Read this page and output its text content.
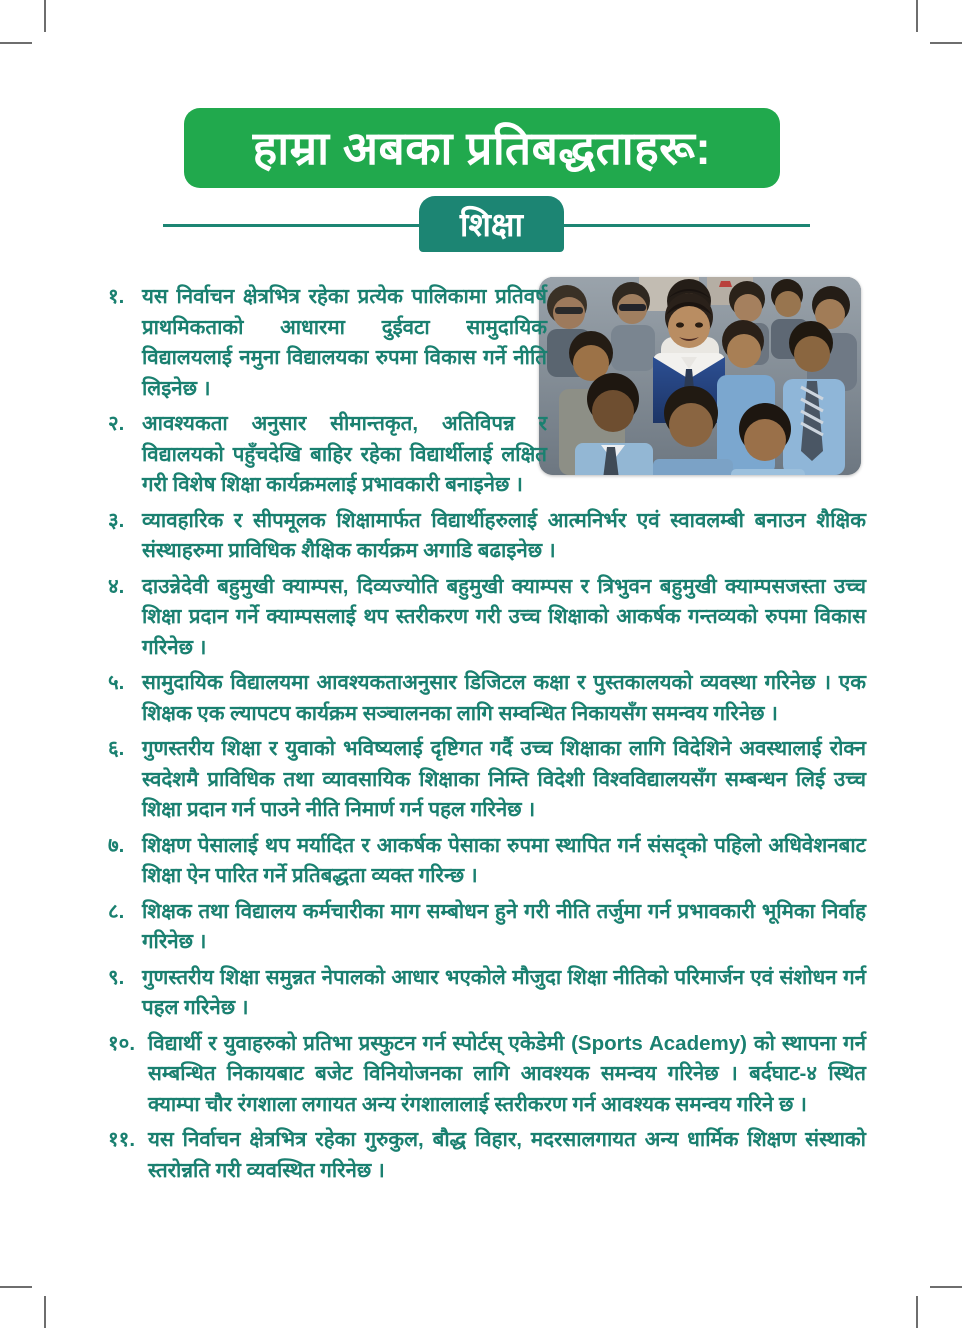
हाम्रा अबका प्रतिबद्धताहरू:
शिक्षा
१. यस निर्वाचन क्षेत्रभित्र रहेका प्रत्येक पालिकामा प्रतिवर्ष प्राथमिकताको आधारमा दुईवटा सामुदायिक विद्यालयलाई नमुना विद्यालयका रुपमा विकास गर्ने नीति लिइनेछ ।
२. आवश्यकता अनुसार सीमान्तकृत, अतिविपन्न र विद्यालयको पहुँचदेखि बाहिर रहेका विद्यार्थीलाई लक्षित गरी विशेष शिक्षा कार्यक्रमलाई प्रभावकारी बनाइनेछ ।
३. व्यावहारिक र सीपमूलक शिक्षामार्फत विद्यार्थीहरुलाई आत्मनिर्भर एवं स्वावलम्बी बनाउन शैक्षिक संस्थाहरुमा प्राविधिक शैक्षिक कार्यक्रम अगाडि बढाइनेछ ।
४. दाउन्नेदेवी बहुमुखी क्याम्पस, दिव्यज्योति बहुमुखी क्याम्पस र त्रिभुवन बहुमुखी क्याम्पसजस्ता उच्च शिक्षा प्रदान गर्ने क्याम्पसलाई थप स्तरीकरण गरी उच्च शिक्षाको आकर्षक गन्तव्यको रुपमा विकास गरिनेछ ।
५. सामुदायिक विद्यालयमा आवश्यकताअनुसार डिजिटल कक्षा र पुस्तकालयको व्यवस्था गरिनेछ । एक शिक्षक एक ल्यापटप कार्यक्रम सञ्चालनका लागि सम्वन्धित निकायसँग समन्वय गरिनेछ ।
६. गुणस्तरीय शिक्षा र युवाको भविष्यलाई दृष्टिगत गर्दै उच्च शिक्षाका लागि विदेशिने अवस्थालाई रोक्न स्वदेशमै प्राविधिक तथा व्यावसायिक शिक्षाका निम्ति विदेशी विश्वविद्यालयसँग सम्बन्धन लिई उच्च शिक्षा प्रदान गर्न पाउने नीति निमार्ण गर्न पहल गरिनेछ ।
७. शिक्षण पेसालाई थप मर्यादित र आकर्षक पेसाका रुपमा स्थापित गर्न संसद्को पहिलो अधिवेशनबाट शिक्षा ऐन पारित गर्ने प्रतिबद्धता व्यक्त गरिन्छ ।
८. शिक्षक तथा विद्यालय कर्मचारीका माग सम्बोधन हुने गरी नीति तर्जुमा गर्न प्रभावकारी भूमिका निर्वाह गरिनेछ ।
९. गुणस्तरीय शिक्षा समुन्नत नेपालको आधार भएकोले मौजुदा शिक्षा नीतिको परिमार्जन एवं संशोधन गर्न पहल गरिनेछ ।
१०. विद्यार्थी र युवाहरुको प्रतिभा प्रस्फुटन गर्न स्पोर्टस् एकेडेमी (Sports Academy) को स्थापना गर्न सम्बन्धित निकायबाट बजेट विनियोजनका लागि आवश्यक समन्वय गरिनेछ । बर्दघाट-४ स्थित क्याम्पा चौर रंगशाला लगायत अन्य रंगशालालाई स्तरीकरण गर्न आवश्यक समन्वय गरिने छ ।
११. यस निर्वाचन क्षेत्रभित्र रहेका गुरुकुल, बौद्ध विहार, मदरसालगायत अन्य धार्मिक शिक्षण संस्थाको स्तरोन्नति गरी व्यवस्थित गरिनेछ ।
